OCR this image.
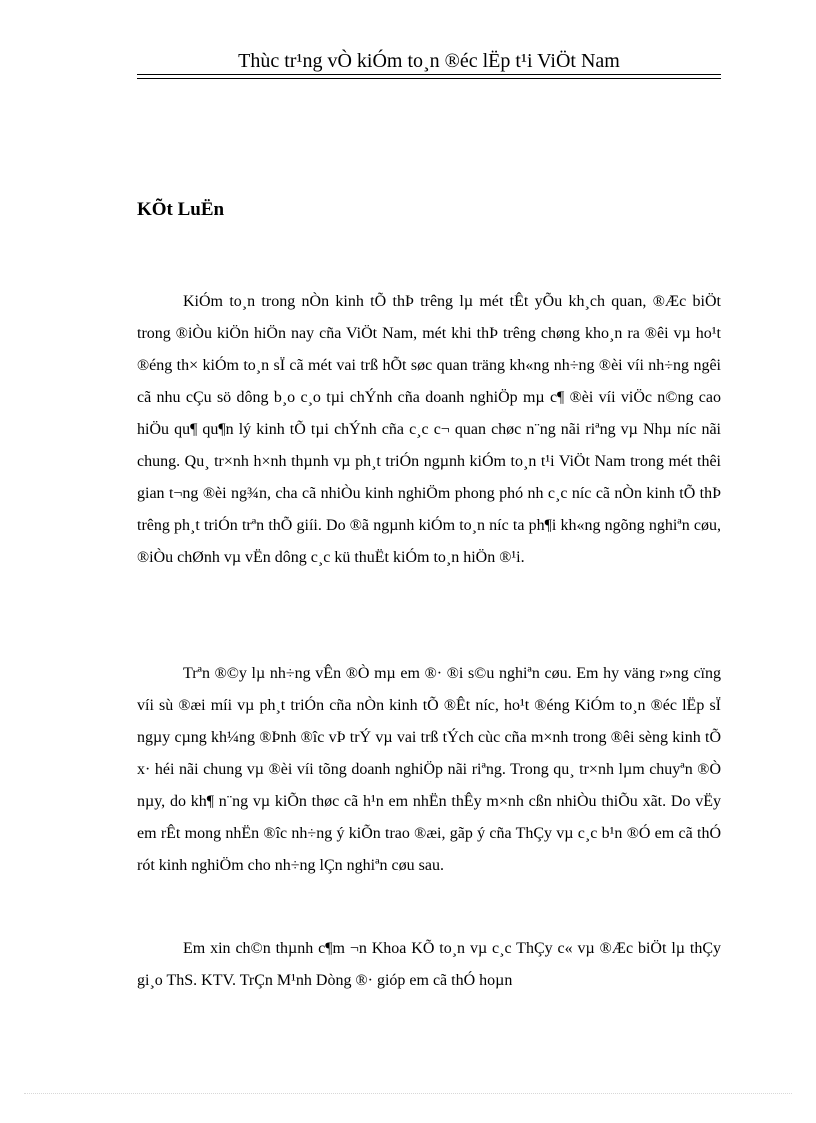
Thùc tr¹ng vÒ kiÓm to¸n ®éc lËp t¹i ViÖt Nam
KÕt LuËn

KiÓm to¸n trong nÒn kinh tÕ thÞ trêng lµ mét tÊt yÕu kh¸ch quan, ®Æc biÖt trong ®iÒu kiÖn hiÖn nay cña ViÖt Nam, mét khi thÞ trêng chøng kho¸n ra ®êi vµ ho¹t ®éng th× kiÓm to¸n sÏ cã mét vai trß hÕt søc quan träng kh«ng nh÷ng ®èi víi nh÷ng ngêi cã nhu cÇu sö dông b¸o c¸o tµi chÝnh cña doanh nghiÖp mµ c¶ ®èi víi viÖc n©ng cao hiÖu qu¶ qu¶n lý kinh tÕ tµi chÝnh cña c¸c c¬ quan chøc n¨ng nãi riªng vµ Nhµ níc nãi chung. Qu¸ tr×nh h×nh thµnh vµ ph¸t triÓn ngµnh kiÓm to¸n t¹i ViÖt Nam trong mét thêi gian t¬ng ®èi ng¾n, cha cã nhiÒu kinh nghiÖm phong phó nh c¸c níc cã nÒn kinh tÕ thÞ trêng ph¸t triÓn trªn thÕ giíi. Do ®ã ngµnh kiÓm to¸n níc ta ph¶i kh«ng ngõng nghiªn cøu, ®iÒu chØnh vµ vËn dông c¸c kü thuËt kiÓm to¸n hiÖn ®¹i.

Trªn ®©y lµ nh÷ng vÊn ®Ò mµ em ®· ®i s©u nghiªn cøu. Em hy väng r»ng cïng víi sù ®æi míi vµ ph¸t triÓn cña nÒn kinh tÕ ®Êt níc, ho¹t ®éng KiÓm to¸n ®éc lËp sÏ ngµy cµng kh¼ng ®Þnh ®îc vÞ trÝ vµ vai trß tÝch cùc cña m×nh trong ®êi sèng kinh tÕ x· héi nãi chung vµ ®èi víi tõng doanh nghiÖp nãi riªng. Trong qu¸ tr×nh lµm chuyªn ®Ò nµy, do kh¶ n¨ng vµ kiÕn thøc cã h¹n em nhËn thÊy m×nh cßn nhiÒu thiÕu xãt. Do vËy em rÊt mong nhËn ®îc nh÷ng ý kiÕn trao ®æi, gãp ý cña ThÇy vµ c¸c b¹n ®Ó em cã thÓ rót kinh nghiÖm cho nh÷ng lÇn nghiªn cøu sau.

Em xin ch©n thµnh c¶m ¬n Khoa KÕ to¸n vµ c¸c ThÇy c« vµ ®Æc biÖt lµ thÇy gi¸o ThS. KTV. TrÇn M¹nh Dòng ®· gióp em cã thÓ hoµn
